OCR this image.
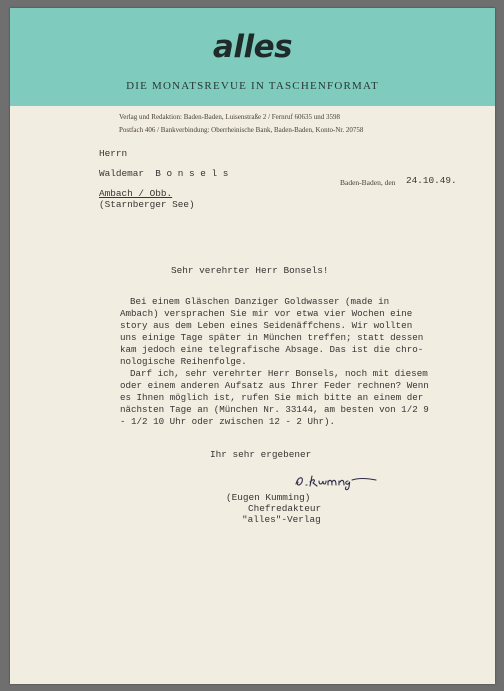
alles
DIE MONATSREVUE IN TASCHENFORMAT
Verlag und Redaktion: Baden-Baden, Luisenstraße 2 / Fernruf 60635 und 3598
Postfach 406 / Bankverbindung: Oberrheinische Bank, Baden-Baden, Konto-Nr. 20758
Herrn
Waldemar  B o n s e l s
Ambach / Obb.
(Starnberger See)
Baden-Baden, den 24.10.49.
Sehr verehrter Herr Bonsels!
Bei einem Gläschen Danziger Goldwasser (made in
Ambach) versprachen Sie mir vor etwa vier Wochen eine
story aus dem Leben eines Seidenäffchens. Wir wollten
uns einige Tage später in München treffen; statt dessen
kam jedoch eine telegrafische Absage. Das ist die chro-
nologische Reihenfolge.
Darf ich, sehr verehrter Herr Bonsels, noch mit diesem
oder einem anderen Aufsatz aus Ihrer Feder rechnen? Wenn
es Ihnen möglich ist, rufen Sie mich bitte an einem der
nächsten Tage an (München Nr. 33144, am besten von 1/2 9
- 1/2 10 Uhr oder zwischen 12 - 2 Uhr).
Ihr sehr ergebener
(Eugen Kumming)
Chefredakteur
"alles"-Verlag
